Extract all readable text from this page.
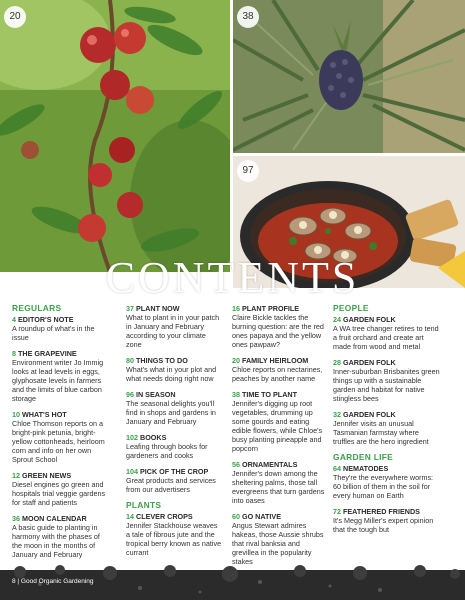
20	38
97
CONTENTS
REGULARS
4 EDITOR'S NOTE
A roundup of what's in the issue
8 THE GRAPEVINE
Environment writer Jo Immig looks at lead levels in eggs, glyphosate levels in farmers and the limits of blue carbon storage
10 WHAT'S HOT
Chloe Thomson reports on a bright-pink petunia, bright-yellow cottonheads, heirloom corn and info on her own Sprout School
12 GREEN NEWS
Diesel engines go green and hospitals trial veggie gardens for staff and patients
36 MOON CALENDAR
A basic guide to planting in harmony with the phases of the moon in the months of January and February
37 PLANT NOW
What to plant in in your patch in January and February according to your climate zone
80 THINGS TO DO
What's what in your plot and what needs doing right now
96 IN SEASON
The seasonal delights you'll find in shops and gardens in January and February
102 BOOKS
Leafing through books for gardeners and cooks
104 PICK OF THE CROP
Great products and services from our advertisers
PLANTS
14 CLEVER CROPS
Jennifer Stackhouse weaves a tale of fibrous jute and the tropical berry known as native currant
16 PLANT PROFILE
Claire Bickle tackles the burning question: are the red ones papaya and the yellow ones pawpaw?
20 FAMILY HEIRLOOM
Chloe reports on nectarines, peaches by another name
38 TIME TO PLANT
Jennifer's digging up root vegetables, drumming up some gourds and eating edible flowers, while Chloe's busy planting pineapple and popcorn
56 ORNAMENTALS
Jennifer's down among the sheltering palms, those tall evergreens that turn gardens into oases
60 GO NATIVE
Angus Stewart admires hakeas, those Aussie shrubs that rival banksia and grevillea in the popularity stakes
PEOPLE
24 GARDEN FOLK
A WA tree changer retires to tend a fruit orchard and create art made from wood and metal
28 GARDEN FOLK
Inner-suburban Brisbanites green things up with a sustainable garden and habitat for native stingless bees
32 GARDEN FOLK
Jennifer visits an unusual Tasmanian farmstay where truffles are the hero ingredient
GARDEN LIFE
64 NEMATODES
They're the everywhere worms: 60 billion of them in the soil for every human on Earth
72 FEATHERED FRIENDS
It's Megg Miller's expert opinion that the tough but
8 | Good Organic Gardening
